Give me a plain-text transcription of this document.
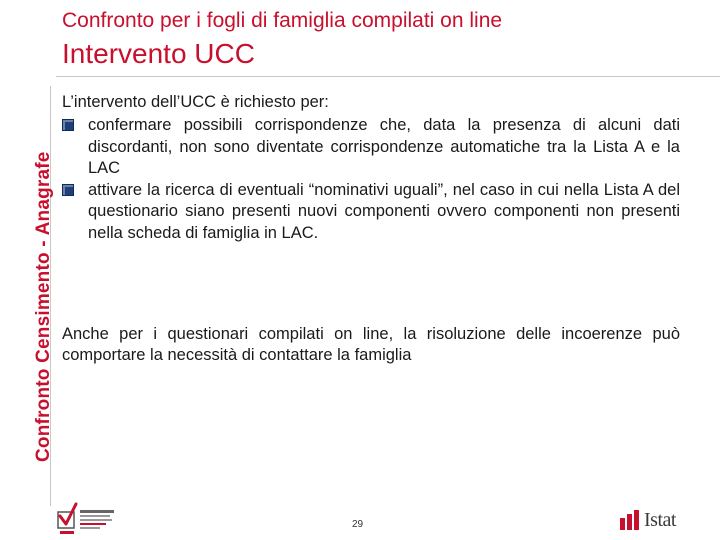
Confronto Censimento - Anagrafe
Confronto per i fogli di famiglia compilati on line
Intervento UCC
L’intervento dell’UCC è richiesto per:
confermare possibili corrispondenze che, data la presenza di alcuni dati discordanti, non sono diventate corrispondenze automatiche tra la Lista A e la LAC
attivare la ricerca di eventuali “nominativi uguali”, nel caso in cui nella Lista A del questionario siano presenti nuovi componenti ovvero componenti non presenti nella scheda di famiglia in LAC.
Anche per i questionari compilati on line, la risoluzione delle incoerenze può comportare la necessità di contattare la famiglia
29	Istat
